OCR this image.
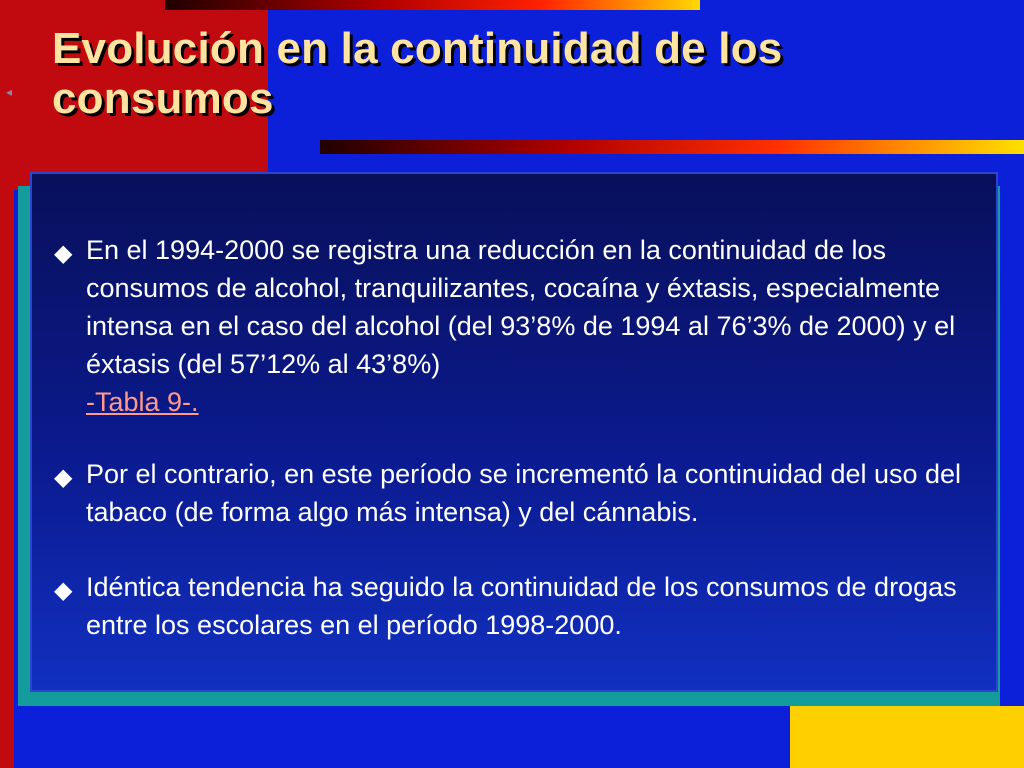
◂
Evolución en la continuidad de los consumos
◆ En el 1994-2000 se registra una reducción en la continuidad de los consumos de alcohol, tranquilizantes, cocaína y éxtasis, especialmente intensa en el caso del alcohol (del 93’8% de 1994 al 76’3% de 2000) y el éxtasis (del 57’12% al 43’8%)
-Tabla 9-.
◆ Por el contrario, en este período se incrementó la continuidad del uso del tabaco (de forma algo más intensa) y del cánnabis.
◆ Idéntica tendencia ha seguido la continuidad de los consumos de drogas entre los escolares en el período 1998-2000.
